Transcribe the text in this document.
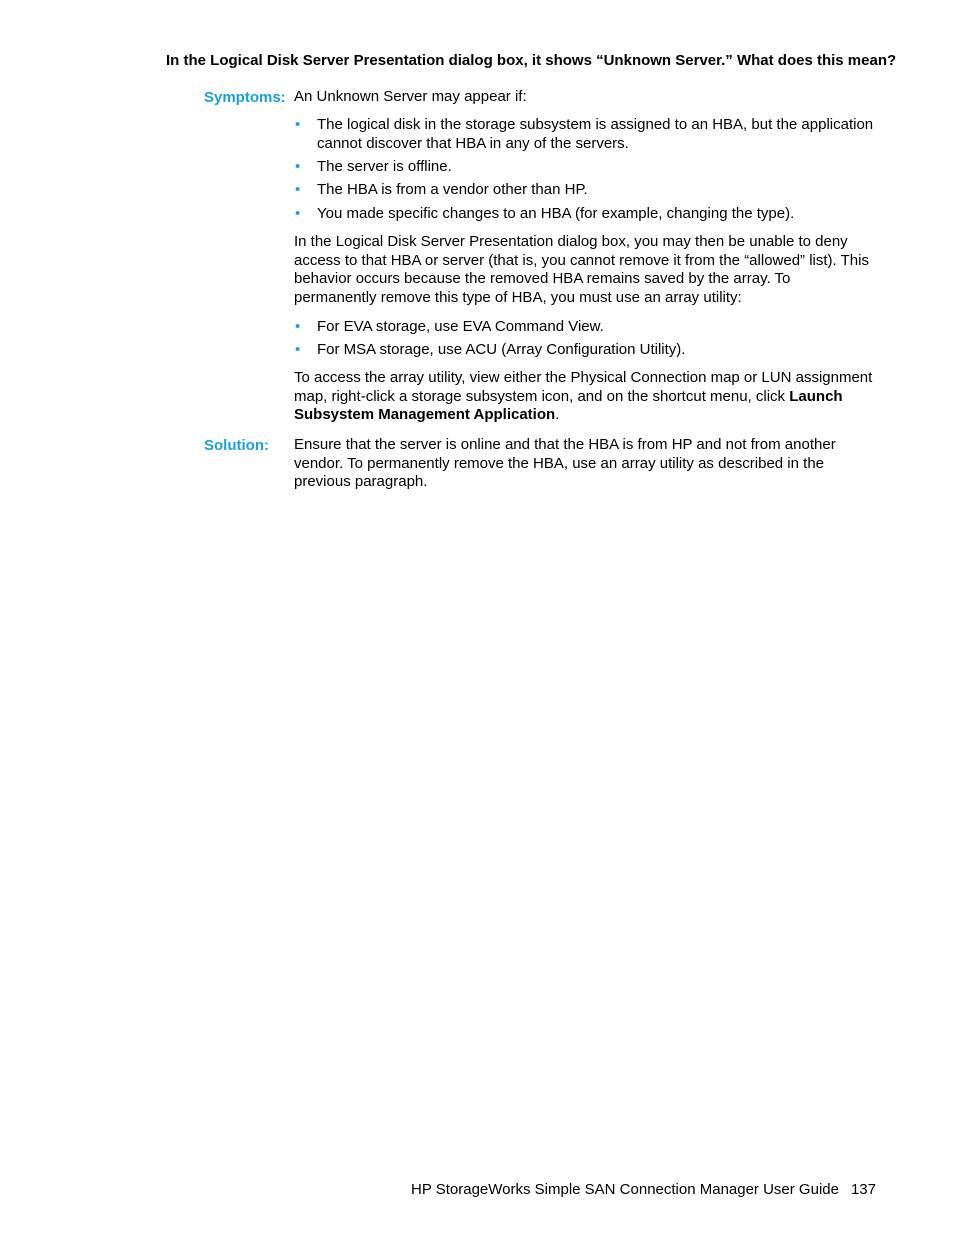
In the Logical Disk Server Presentation dialog box, it shows “Unknown Server.” What does this mean?
Symptoms: An Unknown Server may appear if:
• The logical disk in the storage subsystem is assigned to an HBA, but the application cannot discover that HBA in any of the servers.
• The server is offline.
• The HBA is from a vendor other than HP.
• You made specific changes to an HBA (for example, changing the type).
In the Logical Disk Server Presentation dialog box, you may then be unable to deny access to that HBA or server (that is, you cannot remove it from the “allowed” list). This behavior occurs because the removed HBA remains saved by the array. To permanently remove this type of HBA, you must use an array utility:
• For EVA storage, use EVA Command View.
• For MSA storage, use ACU (Array Configuration Utility).
To access the array utility, view either the Physical Connection map or LUN assignment map, right-click a storage subsystem icon, and on the shortcut menu, click Launch Subsystem Management Application.
Solution: Ensure that the server is online and that the HBA is from HP and not from another vendor. To permanently remove the HBA, use an array utility as described in the previous paragraph.
HP StorageWorks Simple SAN Connection Manager User Guide 137
